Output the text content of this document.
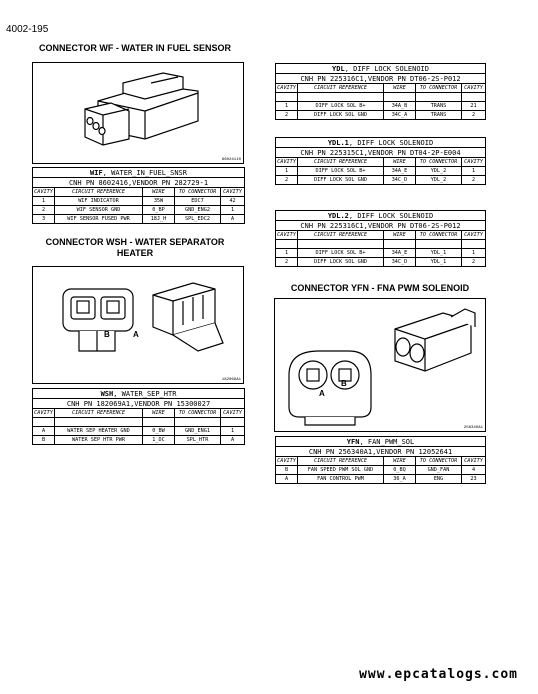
4002-195
CONNECTOR WF - WATER IN FUEL SENSOR
86024110
WIF, WATER_IN_FUEL_SNSR				
CNH PN 8602416,VENDOR PN 282729-1				
CAVITY	CIRCUIT REFERENCE	WIRE	TO CONNECTOR	CAVITY
1	WIF INDICATOR	35W	EDC7	42
2	WIF SENSOR GND	0_BP	GND_ENG2	1
3	WIF SENSOR FUSED PWR	18J_H	SPL_EDC2	A
CONNECTOR WSH - WATER SEPARATOR
HEATER
B	A
182069A1
WSH, WATER_SEP_HTR				
CNH PN 182069A1,VENDOR PN 15300027				
CAVITY	CIRCUIT REFERENCE	WIRE	TO CONNECTOR	CAVITY

A	WATER SEP HEATER GND	0_BW	GND_ENG1	1
B	WATER SEP HTR PWR	1_DC	SPL_HTR	A
YDL, DIFF LOCK SOLENOID				
CNH PN 225316C1,VENDOR PN DT06-2S-P012				
CAVITY	CIRCUIT REFERENCE	WIRE	TO CONNECTOR	CAVITY

1	DIFF LOCK SOL B+	34A_B	TRANS	21
2	DIFF LOCK SOL GND	34C_A	TRANS	2
YDL.1, DIFF LOCK SOLENOID				
CNH PN 225315C1,VENDOR PN DT04-2P-E004				
CAVITY	CIRCUIT REFERENCE	WIRE	TO CONNECTOR	CAVITY
1	DIFF LOCK SOL B+	34A_E	YDL_2	1
2	DIFF LOCK SOL GND	34C_D	YDL_2	2
YDL.2, DIFF LOCK SOLENOID				
CNH PN 225316C1,VENDOR PN DT06-2S-P012				
CAVITY	CIRCUIT REFERENCE	WIRE	TO CONNECTOR	CAVITY

1	DIFF LOCK SOL B+	34A_E	YDL_1	1
2	DIFF LOCK SOL GND	34C_D	YDL_1	2
CONNECTOR YFN - FNA PWM SOLENOID
A
B
256340A1
YFN, FAN_PWM_SOL				
CNH PN 256340A1,VENDOR PN 12052641				
CAVITY	CIRCUIT REFERENCE	WIRE	TO CONNECTOR	CAVITY
B	FAN SPEED PWM SOL GND	0_BQ	GND_FAN	4
A	FAN CONTROL PWM	36_A	ENG	23
www.epcatalogs.com
